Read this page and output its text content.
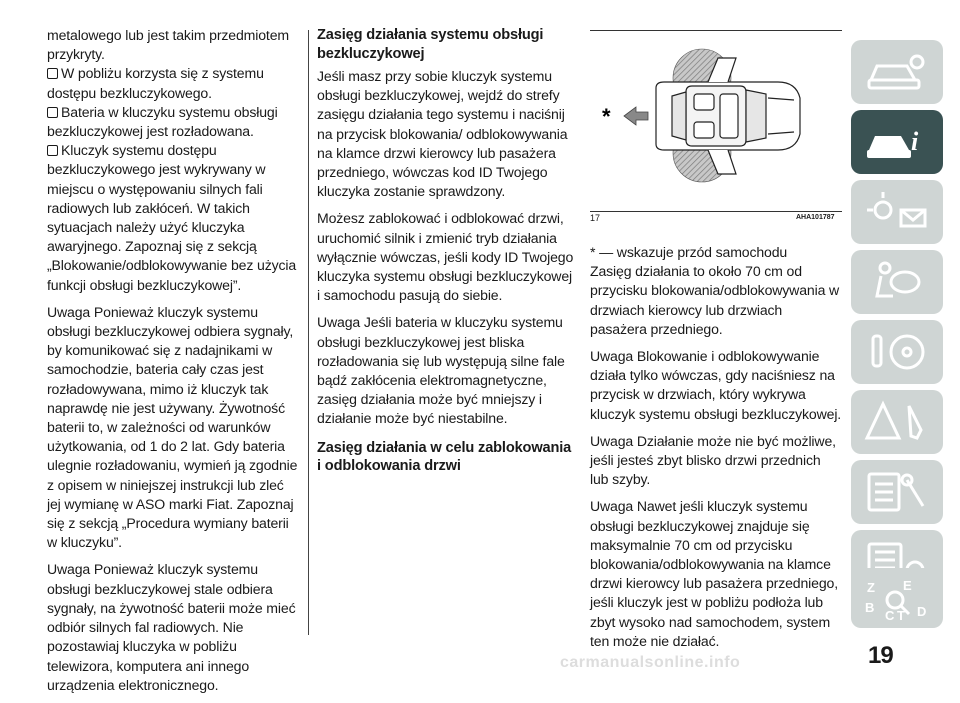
metalowego lub jest takim przedmiotem przykryty.

W pobliżu korzysta się z systemu dostępu bezkluczykowego.

Bateria w kluczyku systemu obsługi bezkluczykowej jest rozładowana.

Kluczyk systemu dostępu bezkluczykowego jest wykrywany w miejscu o występowaniu silnych fali radiowych lub zakłóceń. W takich sytuacjach należy użyć kluczyka awaryjnego. Zapoznaj się z sekcją „Blokowanie/odblokowywanie bez użycia funkcji obsługi bezkluczykowej”.

Uwaga Ponieważ kluczyk systemu obsługi bezkluczykowej odbiera sygnały, by komunikować się z nadajnikami w samochodzie, bateria cały czas jest rozładowywana, mimo iż kluczyk tak naprawdę nie jest używany. Żywotność baterii to, w zależności od warunków użytkowania, od 1 do 2 lat. Gdy bateria ulegnie rozładowaniu, wymień ją zgodnie z opisem w niniejszej instrukcji lub zleć jej wymianę w ASO marki Fiat. Zapoznaj się z sekcją „Procedura wymiany baterii w kluczyku”.

Uwaga Ponieważ kluczyk systemu obsługi bezkluczykowej stale odbiera sygnały, na żywotność baterii może mieć odbiór silnych fal radiowych. Nie pozostawiaj kluczyka w pobliżu telewizora, komputera ani innego urządzenia elektronicznego.

Zasięg działania systemu obsługi bezkluczykowej

Jeśli masz przy sobie kluczyk systemu obsługi bezkluczykowej, wejdź do strefy zasięgu działania tego systemu i naciśnij na przycisk blokowania/ odblokowywania na klamce drzwi kierowcy lub pasażera przedniego, wówczas kod ID Twojego kluczyka zostanie sprawdzony.

Możesz zablokować i odblokować drzwi, uruchomić silnik i zmienić tryb działania wyłącznie wówczas, jeśli kody ID Twojego kluczyka systemu obsługi bezkluczykowej i samochodu pasują do siebie.

Uwaga Jeśli bateria w kluczyku systemu obsługi bezkluczykowej jest bliska rozładowania się lub występują silne fale bądź zakłócenia elektromagnetyczne, zasięg działania może być mniejszy i działanie może być niestabilne.

Zasięg działania w celu zablokowania i odblokowania drzwi
*
17	AHA101787

* — wskazuje przód samochodu

Zasięg działania to około 70 cm od przycisku blokowania/odblokowywania w drzwiach kierowcy lub drzwiach pasażera przedniego.

Uwaga Blokowanie i odblokowywanie działa tylko wówczas, gdy naciśniesz na przycisk w drzwiach, który wykrywa kluczyk systemu obsługi bezkluczykowej.

Uwaga Działanie może nie być możliwe, jeśli jesteś zbyt blisko drzwi przednich lub szyby.

Uwaga Nawet jeśli kluczyk systemu obsługi bezkluczykowej znajduje się maksymalnie 70 cm od przycisku blokowania/odblokowywania na klamce drzwi kierowcy lub pasażera przedniego, jeśli kluczyk jest w pobliżu podłoża lub zbyt wysoko nad samochodem, system ten może nie działać.

i
Z E
B
C T D
19
carmanualsonline.info
